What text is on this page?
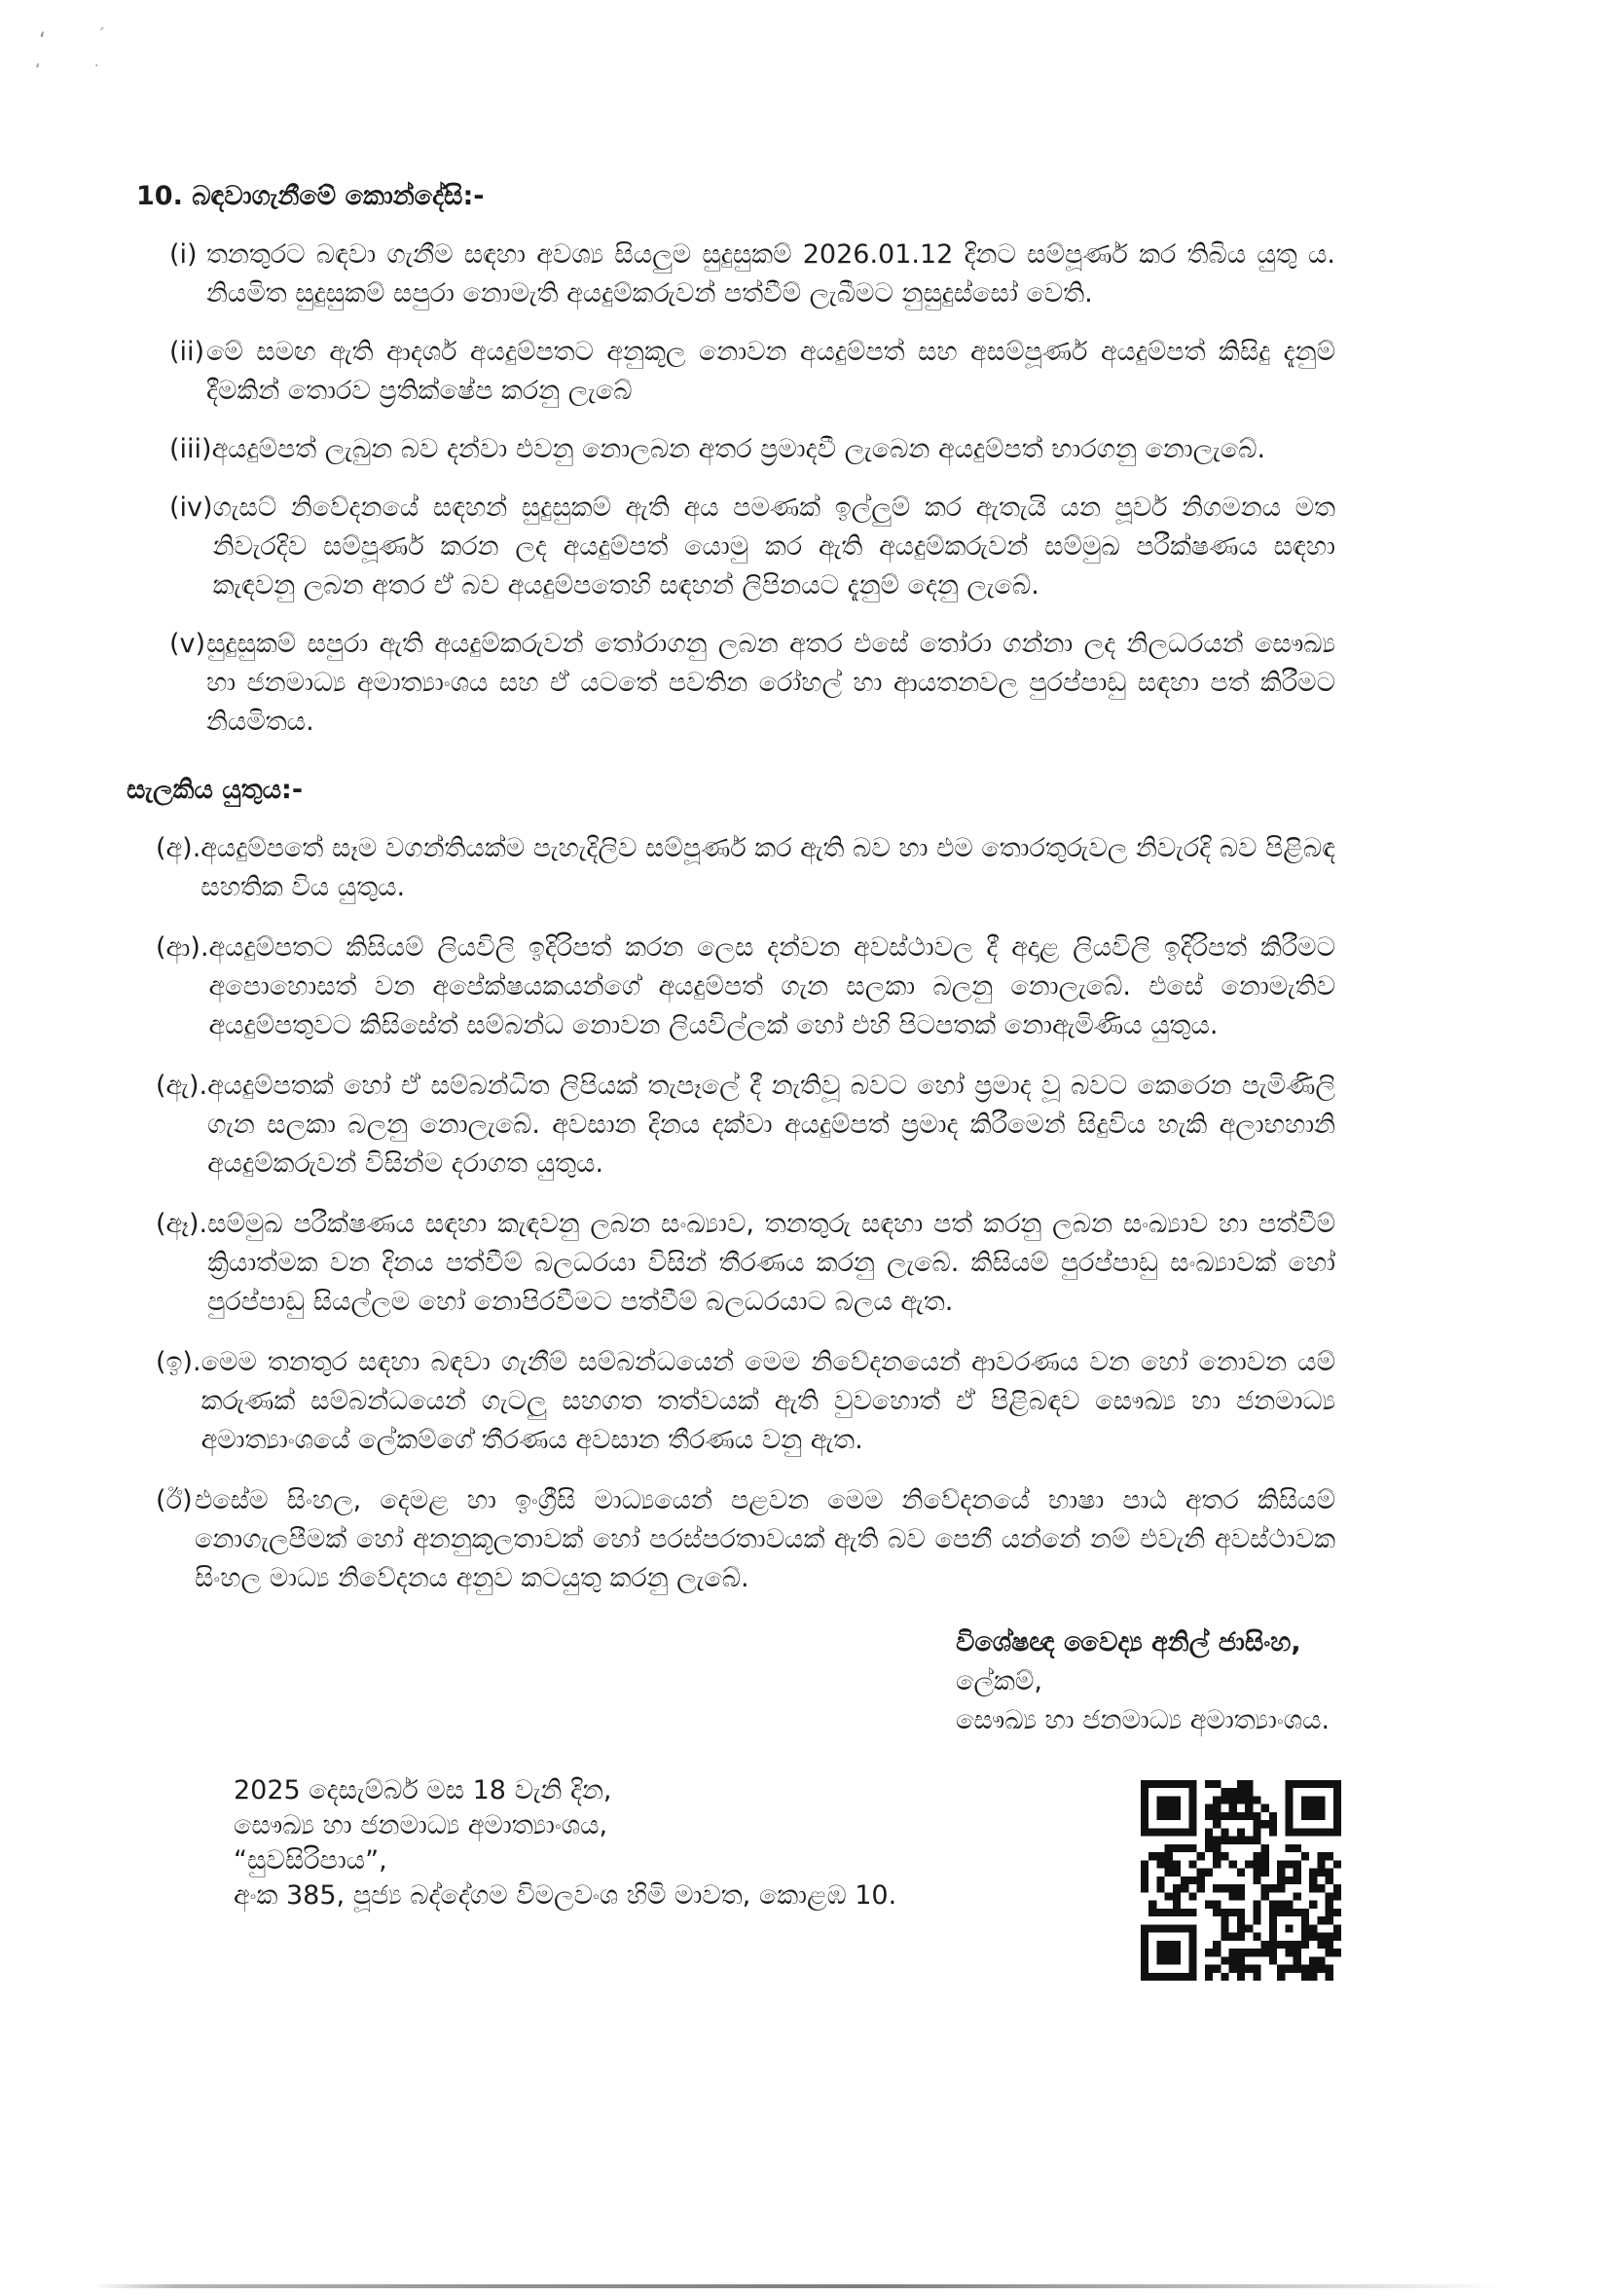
‘	´
‘	·
10. බඳවාගැනීමේ කොන්දේසි:-
(i) තනතුරට බඳවා ගැනීම සඳහා අවශ්‍ය සියලුම සුදුසුකම් 2026.01.12 දිනට සම්පූර්ණ කර තිබිය යුතු ය. නියමිත සුදුසුකම් සපුරා නොමැති අයදුම්කරුවන් පත්වීම් ලැබීමට නුසුදුස්සෝ වෙති.
(ii) මේ සමඟ ඇති ආදර්ශ අයදුම්පතට අනුකූල නොවන අයදුම්පත් සහ අසම්පූර්ණ අයදුම්පත් කිසිදු දැනුම් දීමකින් තොරව ප්‍රතික්ෂේප කරනු ලැබේ
(iii) අයදුම්පත් ලැබුන බව දන්වා එවනු නොලබන අතර ප්‍රමාදවී ලැබෙන අයදුම්පත් භාරගනු නොලැබේ.
(iv) ගැසට් නිවේදනයේ සඳහන් සුදුසුකම් ඇති අය පමණක් ඉල්ලුම් කර ඇතැයි යන පූර්ව නිගමනය මත නිවැරදිව සම්පූර්ණ කරන ලද අයදුම්පත් යොමු කර ඇති අයදුම්කරුවන් සම්මුඛ පරීක්ෂණය සඳහා කැඳවනු ලබන අතර ඒ බව අයදුම්පතෙහි සඳහන් ලිපිනයට දැනුම් දෙනු ලැබේ.
(v) සුදුසුකම් සපුරා ඇති අයදුම්කරුවන් තෝරාගනු ලබන අතර එසේ තෝරා ගන්නා ලද නිලධරයන් සෞඛ්‍ය හා ජනමාධ්‍ය අමාත්‍යාංශය සහ ඒ යටතේ පවතින රෝහල් හා ආයතනවල පුරප්පාඩු සඳහා පත් කිරීමට නියමිතය.
සැලකිය යුතුය:-
(අ). අයදුම්පතේ සෑම වගන්තියක්ම පැහැදිලිව සම්පූර්ණ කර ඇති බව හා එම තොරතුරුවල නිවැරදි බව පිළිබඳ සහතික විය යුතුය.
(ආ). අයදුම්පතට කිසියම් ලියවිලි ඉදිරිපත් කරන ලෙස දන්වන අවස්ථාවල දී අදාළ ලියවිලි ඉදිරිපත් කිරීමට අපොහොසත් වන අපේක්ෂයකයන්ගේ අයදුම්පත් ගැන සලකා බලනු නොලැබේ. එසේ නොමැතිව අයදුම්පතුවට කිසිසේත් සම්බන්ධ නොවන ලියවිල්ලක් හෝ එහි පිටපතක් නොඇමිණිය යුතුය.
(ඇ). අයදුම්පතක් හෝ ඒ සම්බන්ධිත ලිපියක් තැපෑලේ දී නැතිවූ බවට හෝ ප්‍රමාද වූ බවට කෙරෙන පැමිණිලි ගැන සලකා බලනු නොලැබේ. අවසාන දිනය දක්වා අයදුම්පත් ප්‍රමාද කිරීමෙන් සිදුවිය හැකි අලාභහානි අයදුම්කරුවන් විසින්ම දරාගත යුතුය.
(ඈ). සම්මුඛ පරීක්ෂණය සඳහා කැඳවනු ලබන සංඛ්‍යාව, තනතුරු සඳහා පත් කරනු ලබන සංඛ්‍යාව හා පත්වීම් ක්‍රියාත්මක වන දිනය පත්වීම් බලධරයා විසින් තීරණය කරනු ලැබේ. කිසියම් පුරප්පාඩු සංඛ්‍යාවක් හෝ පුරප්පාඩු සියල්ලම හෝ නොපිරවීමට පත්වීම් බලධරයාට බලය ඇත.
(ඉ). මෙම තනතුර සඳහා බඳවා ගැනීම් සම්බන්ධයෙන් මෙම නිවේදනයෙන් ආවරණය වන හෝ නොවන යම් කරුණක් සම්බන්ධයෙන් ගැටලු සහගත තත්වයක් ඇති වුවහොත් ඒ පිළිබඳව සෞඛ්‍ය හා ජනමාධ්‍ය අමාත්‍යාංශයේ ලේකම්ගේ තීරණය අවසාන තීරණය වනු ඇත.
(ඊ) එසේම සිංහල, දෙමළ හා ඉංග්‍රීසි මාධ්‍යයෙන් පළවන මෙම නිවේදනයේ භාෂා පාඨ අතර කිසියම් නොගැලපීමක් හෝ අනනුකූලතාවක් හෝ පරස්පරතාවයක් ඇති බව පෙනී යන්නේ නම් එවැනි අවස්ථාවක සිංහල මාධ්‍ය නිවේදනය අනුව කටයුතු කරනු ලැබේ.
විශේෂඥ වෛද්‍ය අනිල් ජාසිංහ,
ලේකම්,
සෞඛ්‍ය හා ජනමාධ්‍ය අමාත්‍යාංශය.
2025 දෙසැම්බර් මස 18 වැනි දින,
සෞඛ්‍ය හා ජනමාධ්‍ය අමාත්‍යාංශය,
“සුවසිරිපාය”,
අංක 385, පූජ්‍ය බද්දේගම විමලවංශ හිමි මාවත, කොළඹ 10.
